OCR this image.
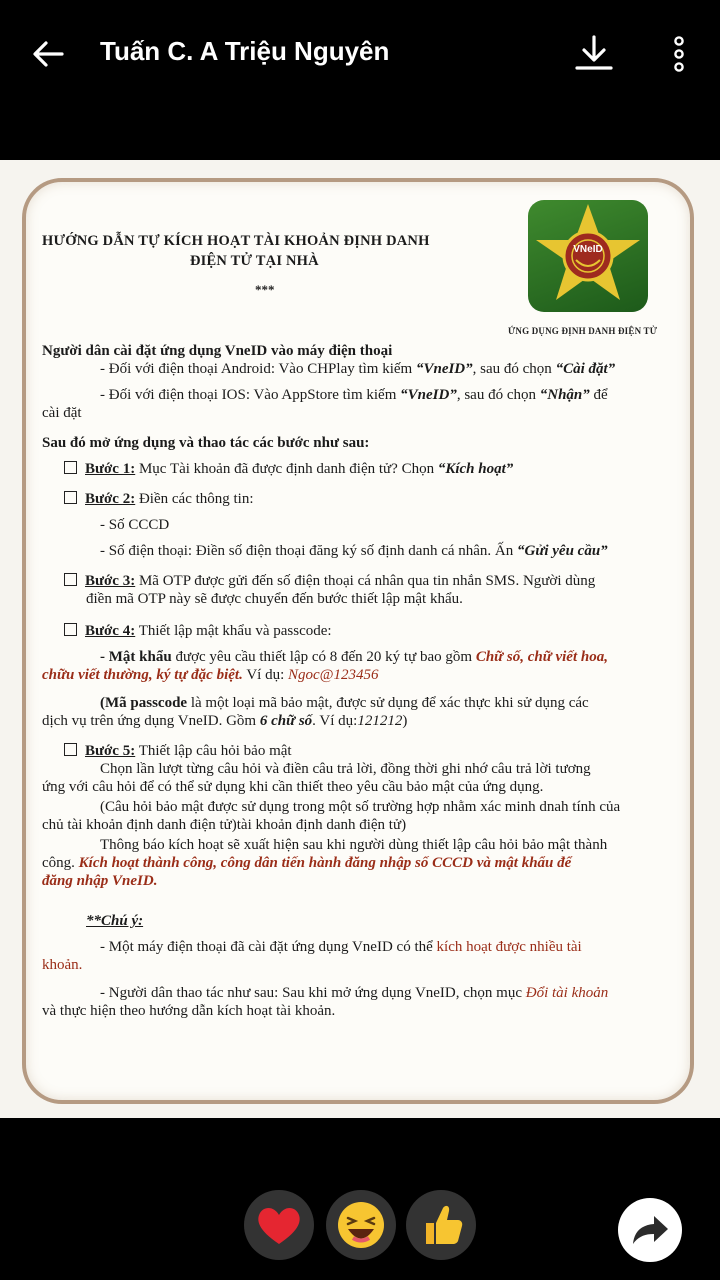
Tuấn C. A Triệu Nguyên
HƯỚNG DẪN TỰ KÍCH HOẠT TÀI KHOẢN ĐỊNH DANH
ĐIỆN TỬ TẠI NHÀ
***
VNeID
ỨNG DỤNG ĐỊNH DANH ĐIỆN TỬ
Người dân cài đặt ứng dụng VneID vào máy điện thoại
- Đối với điện thoại Android: Vào CHPlay tìm kiếm “VneID”, sau đó chọn “Cài đặt”
- Đối với điện thoại IOS: Vào AppStore tìm kiếm “VneID”, sau đó chọn “Nhận” để
cài đặt
Sau đó mở ứng dụng và thao tác các bước như sau:
Bước 1: Mục Tài khoản đã được định danh điện tử? Chọn “Kích hoạt”
Bước 2: Điền các thông tin:
- Số CCCD
- Số điện thoại: Điền số điện thoại đăng ký số định danh cá nhân. Ấn “Gửi yêu cầu”
Bước 3: Mã OTP được gửi đến số điện thoại cá nhân qua tin nhắn SMS. Người dùng
điền mã OTP này sẽ được chuyển đến bước thiết lập mật khẩu.
Bước 4: Thiết lập mật khẩu và passcode:
- Mật khẩu được yêu cầu thiết lập có 8 đến 20 ký tự bao gồm Chữ số, chữ viết hoa,
chữu viết thường, ký tự đặc biệt. Ví dụ: Ngoc@123456
(Mã passcode là một loại mã bảo mật, được sử dụng để xác thực khi sử dụng các
dịch vụ trên ứng dụng VneID. Gồm 6 chữ số. Ví dụ:121212)
Bước 5: Thiết lập câu hỏi bảo mật
Chọn lần lượt từng câu hỏi và điền câu trả lời, đồng thời ghi nhớ câu trả lời tương
ứng với câu hỏi để có thể sử dụng khi cần thiết theo yêu cầu bảo mật của ứng dụng.
(Câu hỏi bảo mật được sử dụng trong một số trường hợp nhằm xác minh dnah tính của
chủ tài khoản định danh điện tử)tài khoản định danh điện tử)
Thông báo kích hoạt sẽ xuất hiện sau khi người dùng thiết lập câu hỏi bảo mật thành
công. Kích hoạt thành công, công dân tiến hành đăng nhập số CCCD và mật khẩu để
đăng nhập VneID.
**Chú ý:
- Một máy điện thoại đã cài đặt ứng dụng VneID có thể kích hoạt được nhiều tài
khoản.
- Người dân thao tác như sau: Sau khi mở ứng dụng VneID, chọn mục Đổi tài khoản
và thực hiện theo hướng dẫn kích hoạt tài khoản.
